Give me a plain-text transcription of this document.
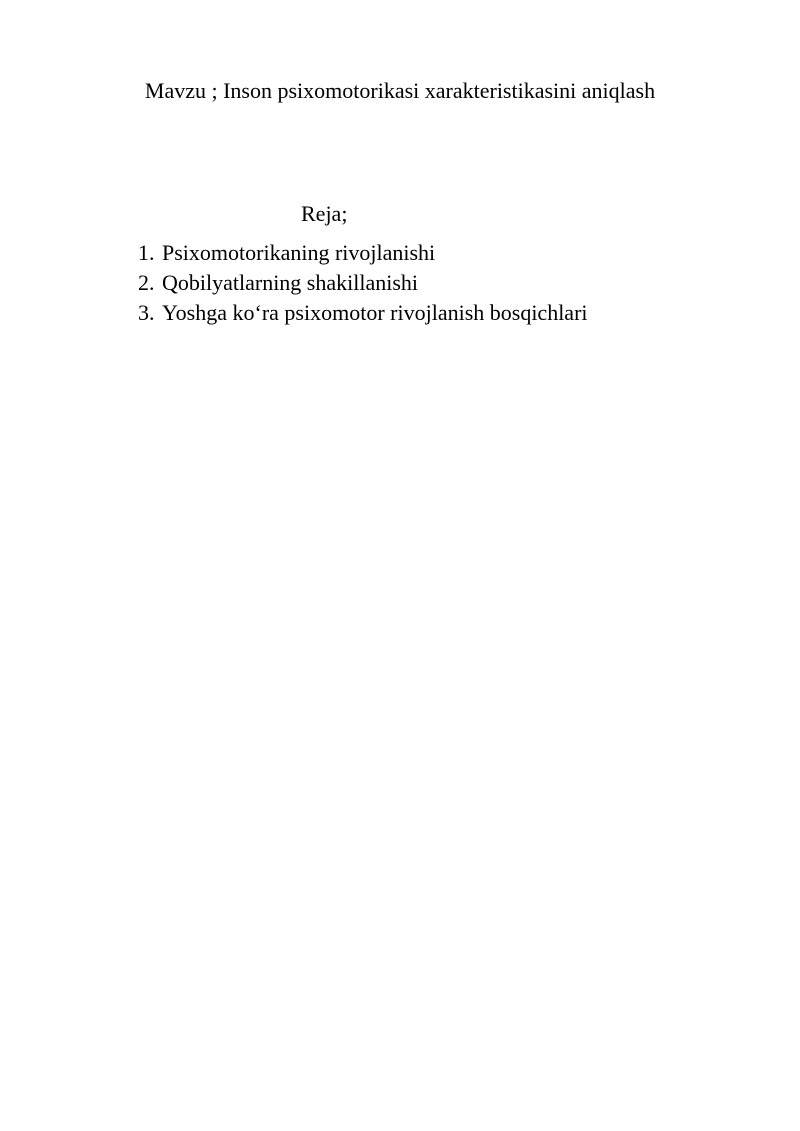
Mavzu ; Inson psixomotorikasi xarakteristikasini aniqlash

Reja;

1. Psixomotorikaning rivojlanishi
2. Qobilyatlarning shakillanishi
3. Yoshga ko‘ra psixomotor rivojlanish bosqichlari
